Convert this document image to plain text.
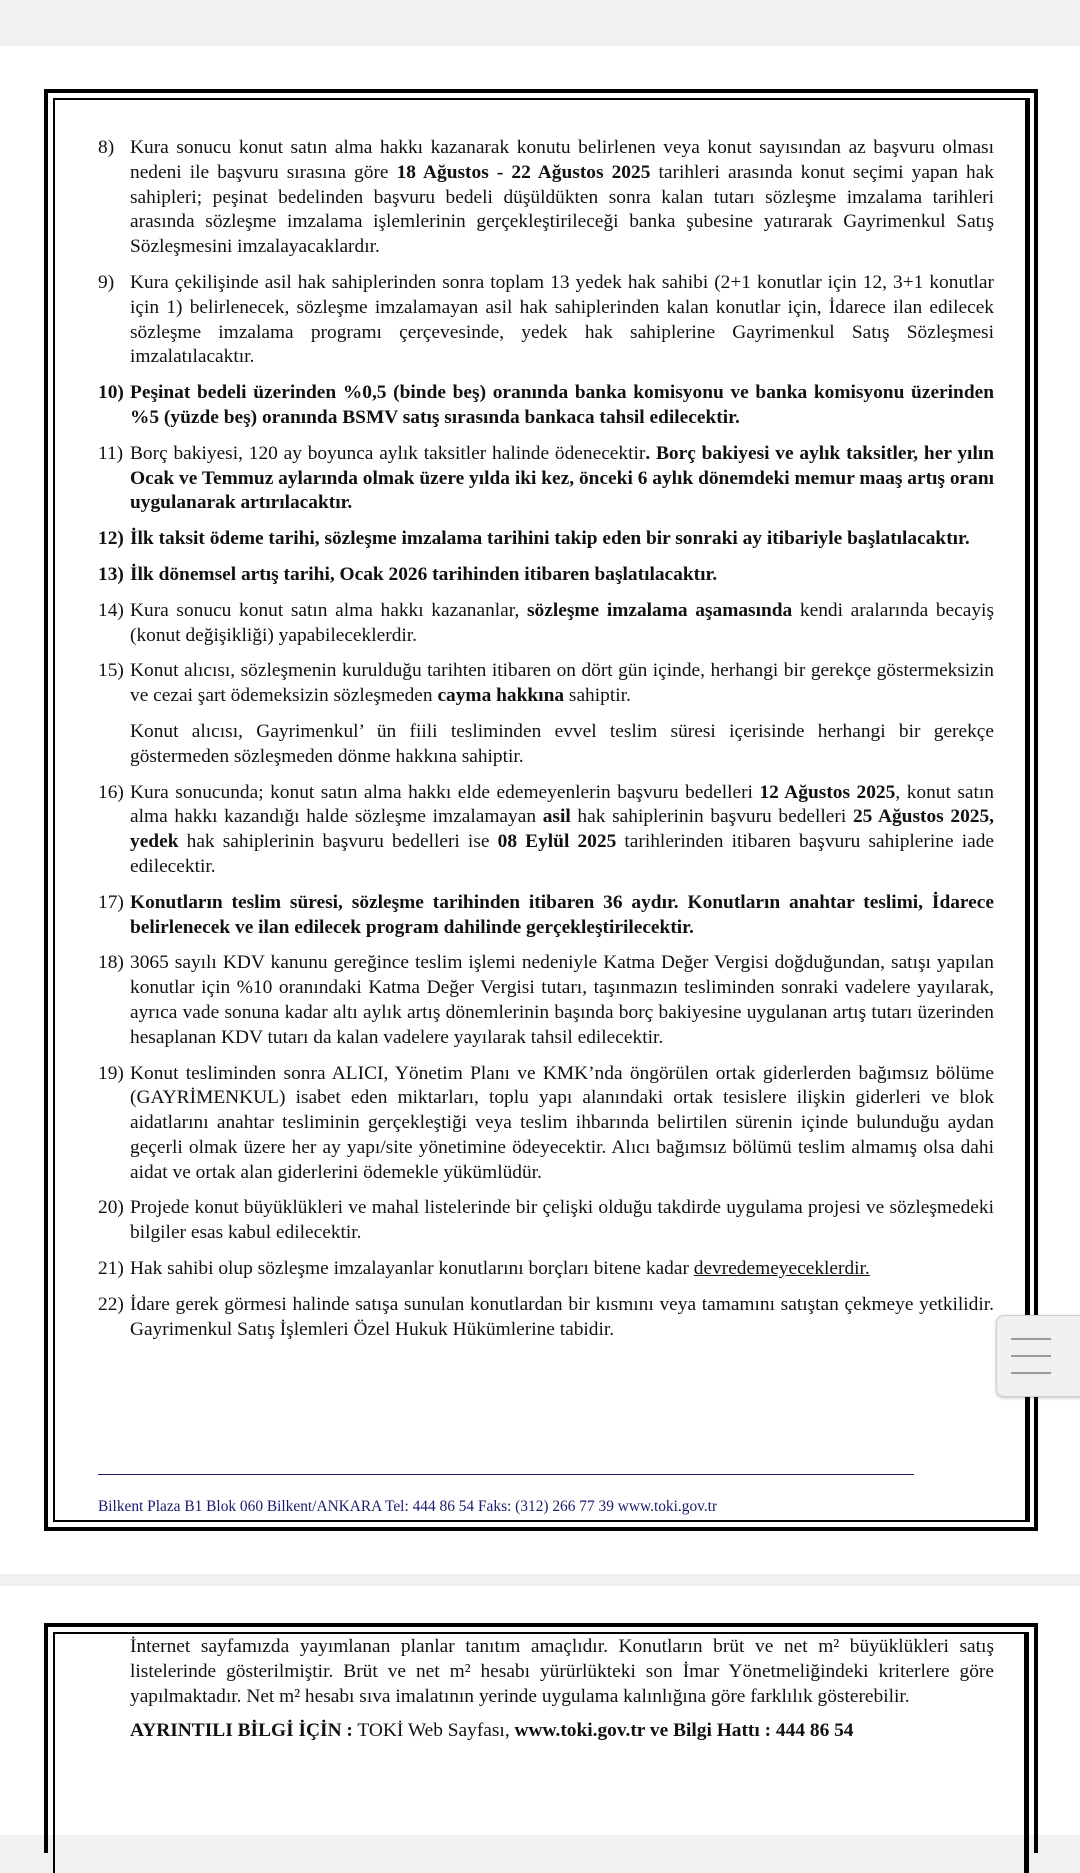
8) Kura sonucu konut satın alma hakkı kazanarak konutu belirlenen veya konut sayısından az başvuru olması nedeni ile başvuru sırasına göre 18 Ağustos - 22 Ağustos 2025 tarihleri arasında konut seçimi yapan hak sahipleri; peşinat bedelinden başvuru bedeli düşüldükten sonra kalan tutarı sözleşme imzalama tarihleri arasında sözleşme imzalama işlemlerinin gerçekleştirileceği banka şubesine yatırarak Gayrimenkul Satış Sözleşmesini imzalayacaklardır.
9) Kura çekilişinde asil hak sahiplerinden sonra toplam 13 yedek hak sahibi (2+1 konutlar için 12, 3+1 konutlar için 1) belirlenecek, sözleşme imzalamayan asil hak sahiplerinden kalan konutlar için, İdarece ilan edilecek sözleşme imzalama programı çerçevesinde, yedek hak sahiplerine Gayrimenkul Satış Sözleşmesi imzalatılacaktır.
10) Peşinat bedeli üzerinden %0,5 (binde beş) oranında banka komisyonu ve banka komisyonu üzerinden %5 (yüzde beş) oranında BSMV satış sırasında bankaca tahsil edilecektir.
11) Borç bakiyesi, 120 ay boyunca aylık taksitler halinde ödenecektir. Borç bakiyesi ve aylık taksitler, her yılın Ocak ve Temmuz aylarında olmak üzere yılda iki kez, önceki 6 aylık dönemdeki memur maaş artış oranı uygulanarak artırılacaktır.
12) İlk taksit ödeme tarihi, sözleşme imzalama tarihini takip eden bir sonraki ay itibariyle başlatılacaktır.
13) İlk dönemsel artış tarihi, Ocak 2026 tarihinden itibaren başlatılacaktır.
14) Kura sonucu konut satın alma hakkı kazananlar, sözleşme imzalama aşamasında kendi aralarında becayiş (konut değişikliği) yapabileceklerdir.
15) Konut alıcısı, sözleşmenin kurulduğu tarihten itibaren on dört gün içinde, herhangi bir gerekçe göstermeksizin ve cezai şart ödemeksizin sözleşmeden cayma hakkına sahiptir.
Konut alıcısı, Gayrimenkul’ ün fiili tesliminden evvel teslim süresi içerisinde herhangi bir gerekçe göstermeden sözleşmeden dönme hakkına sahiptir.
16) Kura sonucunda; konut satın alma hakkı elde edemeyenlerin başvuru bedelleri 12 Ağustos 2025, konut satın alma hakkı kazandığı halde sözleşme imzalamayan asil hak sahiplerinin başvuru bedelleri 25 Ağustos 2025, yedek hak sahiplerinin başvuru bedelleri ise 08 Eylül 2025 tarihlerinden itibaren başvuru sahiplerine iade edilecektir.
17) Konutların teslim süresi, sözleşme tarihinden itibaren 36 aydır. Konutların anahtar teslimi, İdarece belirlenecek ve ilan edilecek program dahilinde gerçekleştirilecektir.
18) 3065 sayılı KDV kanunu gereğince teslim işlemi nedeniyle Katma Değer Vergisi doğduğundan, satışı yapılan konutlar için %10 oranındaki Katma Değer Vergisi tutarı, taşınmazın tesliminden sonraki vadelere yayılarak, ayrıca vade sonuna kadar altı aylık artış dönemlerinin başında borç bakiyesine uygulanan artış tutarı üzerinden hesaplanan KDV tutarı da kalan vadelere yayılarak tahsil edilecektir.
19) Konut tesliminden sonra ALICI, Yönetim Planı ve KMK’nda öngörülen ortak giderlerden bağımsız bölüme (GAYRİMENKUL) isabet eden miktarları, toplu yapı alanındaki ortak tesislere ilişkin giderleri ve blok aidatlarını anahtar tesliminin gerçekleştiği veya teslim ihbarında belirtilen sürenin içinde bulunduğu aydan geçerli olmak üzere her ay yapı/site yönetimine ödeyecektir. Alıcı bağımsız bölümü teslim almamış olsa dahi aidat ve ortak alan giderlerini ödemekle yükümlüdür.
20) Projede konut büyüklükleri ve mahal listelerinde bir çelişki olduğu takdirde uygulama projesi ve sözleşmedeki bilgiler esas kabul edilecektir.
21) Hak sahibi olup sözleşme imzalayanlar konutlarını borçları bitene kadar devredemeyeceklerdir.
22) İdare gerek görmesi halinde satışa sunulan konutlardan bir kısmını veya tamamını satıştan çekmeye yetkilidir. Gayrimenkul Satış İşlemleri Özel Hukuk Hükümlerine tabidir.
Bilkent Plaza B1 Blok 060 Bilkent/ANKARA Tel: 444 86 54 Faks: (312) 266 77 39 www.toki.gov.tr
İnternet sayfamızda yayımlanan planlar tanıtım amaçlıdır. Konutların brüt ve net m² büyüklükleri satış listelerinde gösterilmiştir. Brüt ve net m² hesabı yürürlükteki son İmar Yönetmeliğindeki kriterlere göre yapılmaktadır. Net m² hesabı sıva imalatının yerinde uygulama kalınlığına göre farklılık gösterebilir.
AYRINTILI BİLGİ İÇİN : TOKİ Web Sayfası, www.toki.gov.tr ve Bilgi Hattı : 444 86 54
